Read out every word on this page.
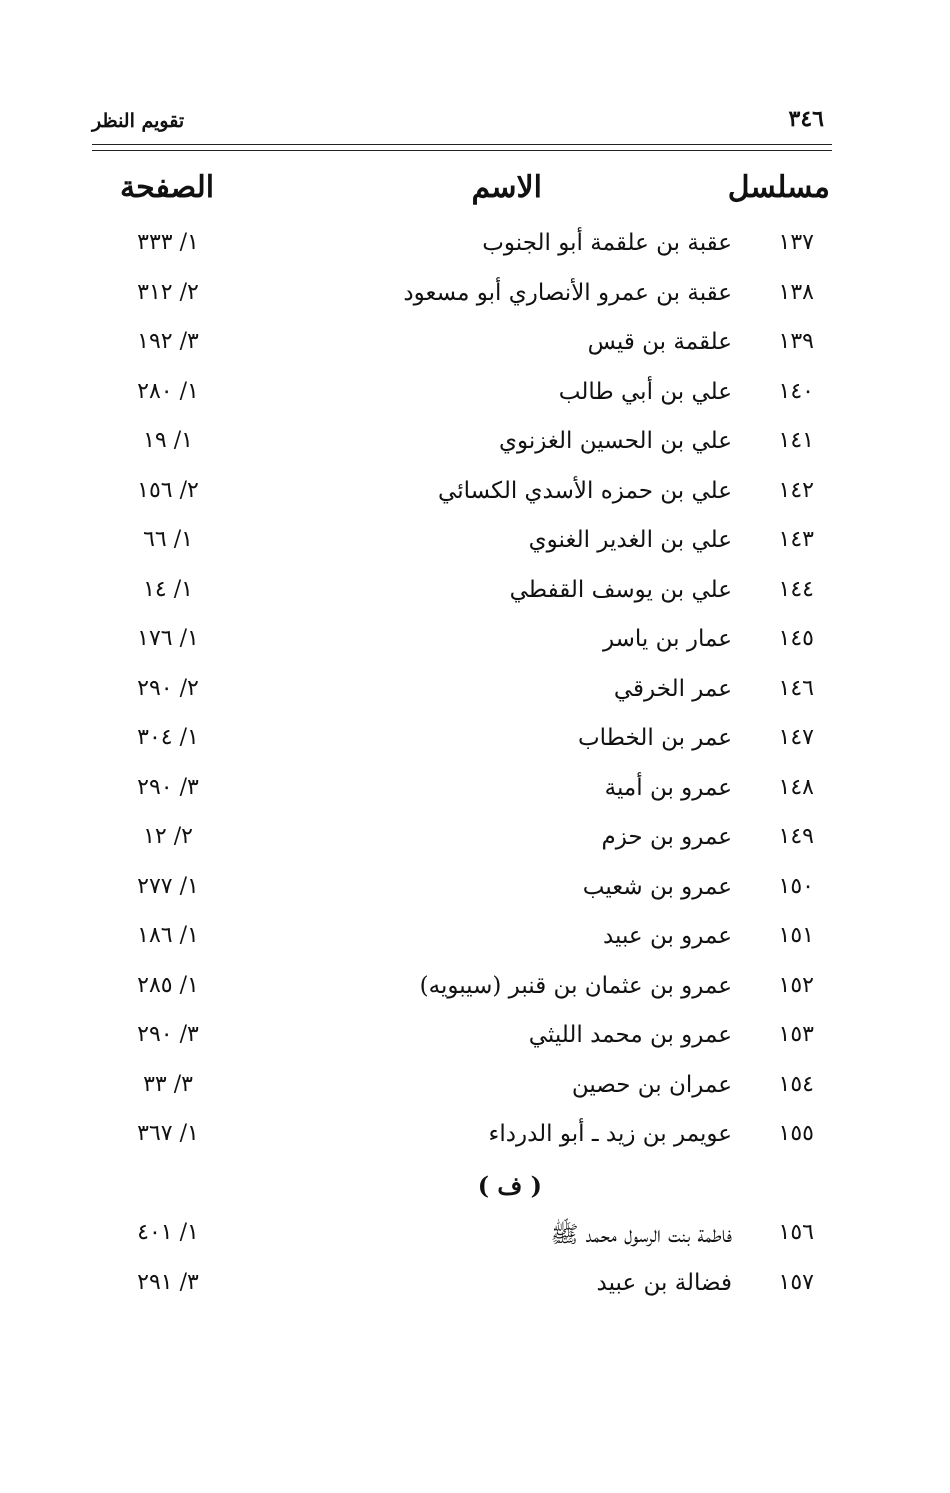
٣٤٦
تقويم النظر
مسلسل
الاسم
الصفحة
١٣٧
عقبة بن علقمة أبو الجنوب
١/ ٣٣٣
١٣٨
عقبة بن عمرو الأنصاري أبو مسعود
٢/ ٣١٢
١٣٩
علقمة بن قيس
٣/ ١٩٢
١٤٠
علي بن أبي طالب
١/ ٢٨٠
١٤١
علي بن الحسين الغزنوي
١/ ١٩
١٤٢
علي بن حمزه الأسدي الكسائي
٢/ ١٥٦
١٤٣
علي بن الغدير الغنوي
١/ ٦٦
١٤٤
علي بن يوسف القفطي
١/ ١٤
١٤٥
عمار بن ياسر
١/ ١٧٦
١٤٦
عمر الخرقي
٢/ ٢٩٠
١٤٧
عمر بن الخطاب
١/ ٣٠٤
١٤٨
عمرو بن أمية
٣/ ٢٩٠
١٤٩
عمرو بن حزم
٢/ ١٢
١٥٠
عمرو بن شعيب
١/ ٢٧٧
١٥١
عمرو بن عبيد
١/ ١٨٦
١٥٢
عمرو بن عثمان بن قنبر (سيبويه)
١/ ٢٨٥
١٥٣
عمرو بن محمد الليثي
٣/ ٢٩٠
١٥٤
عمران بن حصين
٣/ ٣٣
١٥٥
عويمر بن زيد ـ أبو الدرداء
١/ ٣٦٧
( ف )
١٥٦
فاطمة بنت الرسول محمد ﷺ
١/ ٤٠١
١٥٧
فضالة بن عبيد
٣/ ٢٩١
